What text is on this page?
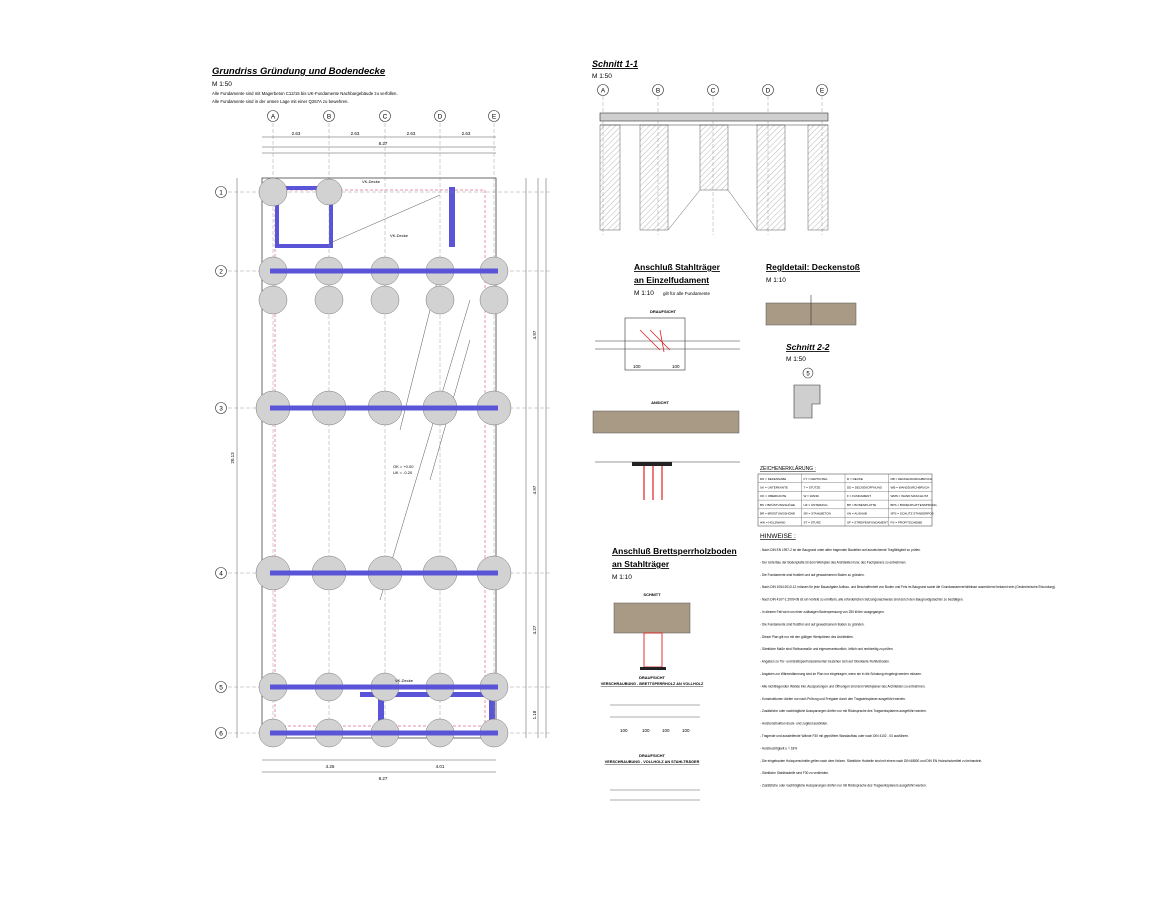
Grundriss Gründung und Bodendecke
M 1:50
Alle Fundamente sind mit Magerbeton C12/15 bis UK-Fundamente Nachbargebäude zu verfüllen.
Alle Fundamente sind in der untere Lage mit einer Q257A zu bewehren.
2.63	2.63	2.63	2.63
8.27
4.26	4.01
8.27
4.97
4.97
4.27
1.18
20.13
VK-Decke
VK-Decke
VK-Decke
OK = +0.00
UK = -0.20
A	B	C	D	E
1
2
3
4
5
6
Schnitt 1-1
M 1:50
A	B	C	D	E
Anschluß Stahlträger
an Einzelfudament
M 1:10 gilt für alle Fundamente
DRAUFSICHT
100	100
ANSICHT
Regldetail: Deckenstoß
M 1:10
Schnitt 2-2
M 1:50
5
ZEICHENERKLÄRUNG :
DN = DEKENNABE	FT = FERTIGTEIL	D = DECKE	DB = DECKENDURCHBRUCH
UK = UNTERKANTE	T = STÜTZE	DD = DECKENOFFNUNG	WB = WANDDURCHBRUCH
OK = OBERKANTE	W = WAND	F = FUNDAMENT	WMS = WAND MASCHLITZ
BS = BRÜSTUNGSHÖHE	UZ = UNTERZUG	BP = BODENPLATTE	BPS = BODENPLATTENSPRUNG
BR = BRÜSTUNGSHÖHE	SR = STAHLBETON	AN = AUSHUB	SPS = SCHLITZ STANDERPOS
HW = HOLZWAND	ST = STURZ	SF = STREIFENFUNDAMENT PS = PROFITSCHEIBE
HINWEISE :
- Nach DIN EN 1997-2 ist der Baugrund unter allen tragenden Bauteilen auf ausreichende Tragfähigkeit zu prüfen.
- Der Unterbau der Bodenplatte ist dem Werkplan des Architekten bzw. des Fachplaners zu entnehmen.
- Die Fundamente sind frostfrei und auf gewachsenem Boden zu gründen.
- Nach DIN 1054:2010-12 müssen für jede Bauaufgabe Aufbau- und Beschaffenheit von Boden und Fels im Baugrund sowie die Grundwasserverhältnisse ausreichend bekannt sein (Geotechnische Erkundung).
- Nach DIN 4107-1:2009-08 ist ein Vorfeld zu ermitteln, alle erforderlichen Setzungsnachweise sind durch den Baugrundgutachter zu bestätigen.
- In diesem Fall wird von einer zulässigen Bodenpressung von 250 kN/m² ausgegangen.
- Die Fundamente sind frostfrei und auf gewachsenem Boden zu gründen.
- Dieser Plan gilt nur mit den gültigen Werkplänen des Architekten.
- Sämtliche Maße sind Rohbaumaße und eigenverantwortlich, örtlich und rechtzeitig zu prüfen.
- Angaben zu Tür- und Brettsperrholzelementen beziehen sich auf Oberkante Rohfußboden.
- Angaben zur Wärmedämmung sind im Plan nur eingetragen, wenn sie in die Schalung eingelegt werden müssen.
- Alle nichttragenden Wände inkl. Aussparungen und Öffnungen sind dem Werkplaner des Architekten zu entnehmen.
- Konstruktionen dürfen nur nach Prüfung und Freigabe durch den Tragwerksplaner ausgeführt werden.
- Zusätzliche oder nachträgliche Aussparungen dürfen nur mit Rücksprache des Tragwerksplaners ausgeführt werden.
- Holzkonstruktion druck- und zugfest ausbilden.
- Tragende und aussteifende Wände F30 mit geprüftem Wandaufbau oder nach DIN 4102 - 04 ausführen.
- Holzfeuchtigkeit u = 18%
- Die eingebauten Holzquerschnitte gelten nach dem Holzen. Sämtliche Holzteile sind mit einem nach DIN 68800 und DIN EN Holzschutzmittel zu behandeln.
- Sämtliche Stahlbauteile sind F30 zu verkleiden.
- Zusätzliche oder nachträgliche Aussparungen dürfen nur mit Rücksprache des Tragwerksplaners ausgeführt werden.
Anschluß Brettsperrholzboden
an Stahlträger
M 1:10
SCHNITT
DRAUFSICHT
VERSCHRAUBUNG - BRETTSPERRHOLZ AN VOLLHOLZ
100	100	100	100
DRAUFSICHT
VERSCHRAUBUNG - VOLLHOLZ AN STAHLTRÄGER
